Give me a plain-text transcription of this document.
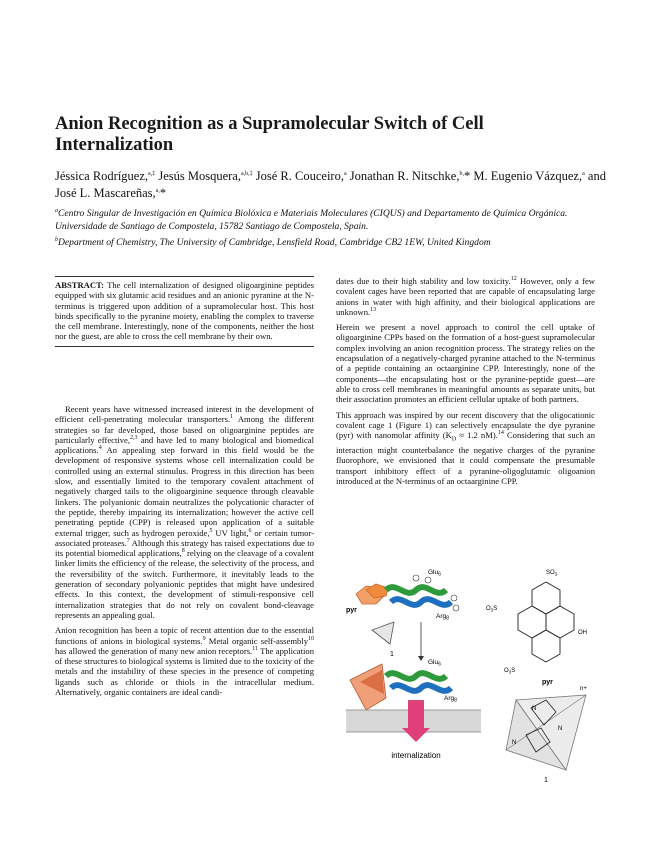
Anion Recognition as a Supramolecular Switch of Cell Internalization
Jéssica Rodríguez,$^{a,\ddagger}$ Jesús Mosquera,$^{a,b,\ddagger}$ José R. Couceiro,$^a$ Jonathan R. Nitschke,$^{b,}$* M. Eugenio Vázquez,$^a$ and José L. Mascareñas,$^{a,}$*
$^a$Centro Singular de Investigación en Química Biolóxica e Materiais Moleculares (CIQUS) and Departamento de Química Orgánica. Universidade de Santiago de Compostela, 15782 Santiago de Compostela, Spain.
$^b$Department of Chemistry, The University of Cambridge, Lensfield Road, Cambridge CB2 1EW, United Kingdom
ABSTRACT: The cell internalization of designed oligoarginine peptides equipped with six glutamic acid residues and an anionic pyranine at the N-terminus is triggered upon addition of a supramolecular host. This host binds specifically to the pyranine moiety, enabling the complex to traverse the cell membrane. Interestingly, none of the components, neither the host nor the guest, are able to cross the cell membrane by their own.

Recent years have witnessed increased interest in the development of efficient cell-penetrating molecular transporters.$^1$ Among the different strategies so far developed, those based on oligoarginine peptides are particularly effective,$^{2,3}$ and have led to many biological and biomedical applications.$^4$ An appealing step forward in this field would be the development of responsive systems whose cell internalization could be controlled using an external stimulus. Progress in this direction has been slow, and essentially limited to the temporary covalent attachment of negatively charged tails to the oligoarginine sequence through cleavable linkers. The polyanionic domain neutralizes the polycationic character of the peptide, thereby impairing its internalization; however the active cell penetrating peptide (CPP) is released upon application of a suitable external trigger, such as hydrogen peroxide,$^5$ UV light,$^6$ or certain tumor-associated proteases.$^7$ Although this strategy has raised expectations due to its potential biomedical applications,$^8$ relying on the cleavage of a covalent linker limits the efficiency of the release, the selectivity of the process, and the reversibility of the switch. Furthermore, it inevitably leads to the generation of secondary polyanionic peptides that might have undesired effects. In this context, the development of stimuli-responsive cell internalization strategies that do not rely on covalent bond-cleavage represents an appealing goal.

Anion recognition has been a topic of recent attention due to the essential functions of anions in biological systems.$^9$ Metal organic self-assembly$^{10}$ has allowed the generation of many new anion receptors.$^{11}$ The application of these structures to biological systems is limited due to the toxicity of the metals and the instability of these species in the presence of competing ligands such as chloride or thiols in the intracellular medium. Alternatively, organic containers are ideal candi-

dates due to their high stability and low toxicity.$^{12}$ However, only a few covalent cages have been reported that are capable of encapsulating large anions in water with high affinity, and their biological applications are unknown.$^{13}$

Herein we present a novel approach to control the cell uptake of oligoarginine CPPs based on the formation of a host-guest supramolecular complex involving an anion recognition process. The strategy relies on the encapsulation of a negatively-charged pyranine attached to the N-terminus of a peptide containing an octaarginine CPP. Interestingly, none of the components—the encapsulating host or the pyranine-peptide guest—are able to cross cell membranes in meaningful amounts as separate units, but their association promotes an efficient cellular uptake of both partners.

This approach was inspired by our recent discovery that the oligocationic covalent cage 1 (Figure 1) can selectively encapsulate the dye pyranine (pyr) with nanomolar affinity ($K_D \approx 1.2$ nM).$^{14}$ Considering that such an interaction might counterbalance the negative charges of the pyranine fluorophore, we envisioned that it could compensate the presumable transport inhibitory effect of a pyranine-oligoglutamic oligoanion introduced at the N-terminus of an octaarginine CPP.

pyr
Glu$_6$
Arg$_8$
1
Glu$_6$
Arg$_8$
internalization
$SO_3$
$O_3S$
OH
$O_3S$
pyr
N
N
N
n+
1
